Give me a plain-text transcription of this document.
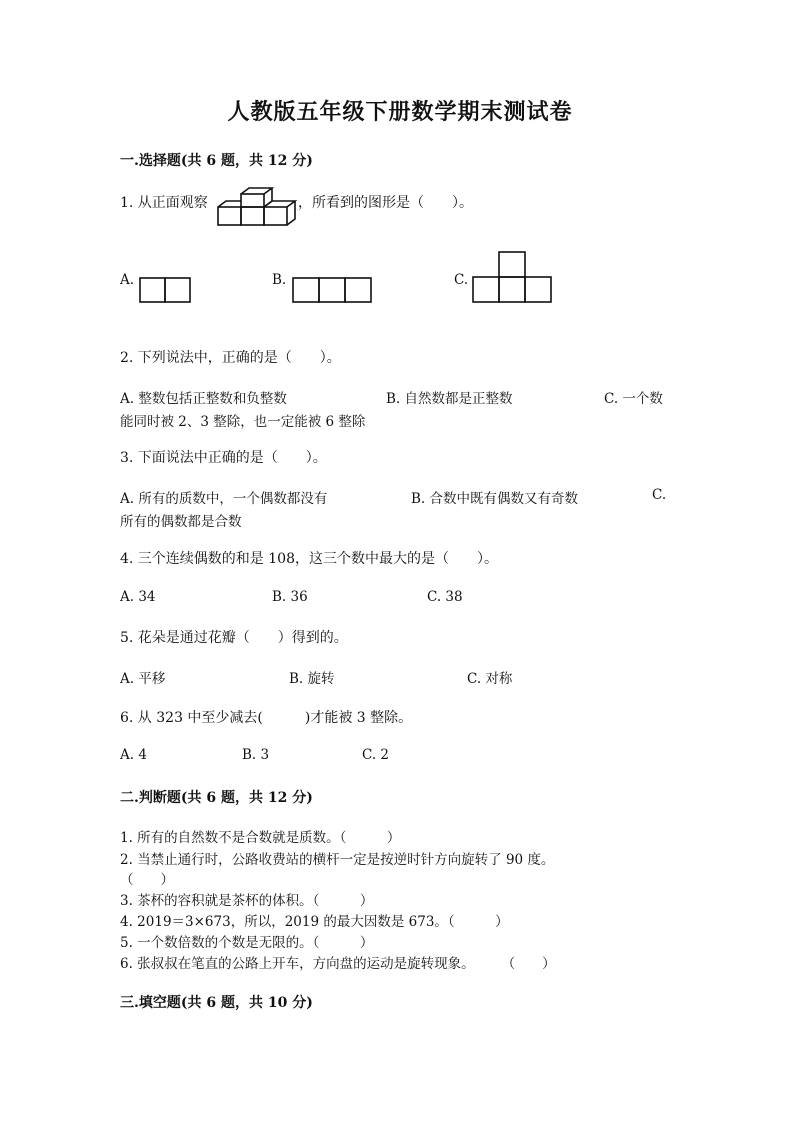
人教版五年级下册数学期末测试卷
一.选择题(共 6 题，共 12 分)
1. 从正面观察	，所看到的图形是（　　）。
A.	B.	C.
2. 下列说法中，正确的是（　　）。
A. 整数包括正整数和负整数	B. 自然数都是正整数	C. 一个数
能同时被 2、3 整除，也一定能被 6 整除
3. 下面说法中正确的是（　　）。
A. 所有的质数中，一个偶数都没有	B. 合数中既有偶数又有奇数	C.
所有的偶数都是合数
4. 三个连续偶数的和是 108，这三个数中最大的是（　　）。
A. 34	B. 36	C. 38
5. 花朵是通过花瓣（　　）得到的。
A. 平移	B. 旋转	C. 对称
6. 从 323 中至少减去(　　　)才能被 3 整除。
A. 4	B. 3	C. 2
二.判断题(共 6 题，共 12 分)
1. 所有的自然数不是合数就是质数。（　　　）
2. 当禁止通行时，公路收费站的横杆一定是按逆时针方向旋转了 90 度。
（　　）
3. 茶杯的容积就是茶杯的体积。（　　　）
4. 2019＝3×673，所以，2019 的最大因数是 673。（　　　）
5. 一个数倍数的个数是无限的。（　　　）
6. 张叔叔在笔直的公路上开车，方向盘的运动是旋转现象。　　　（　　）
三.填空题(共 6 题，共 10 分)
